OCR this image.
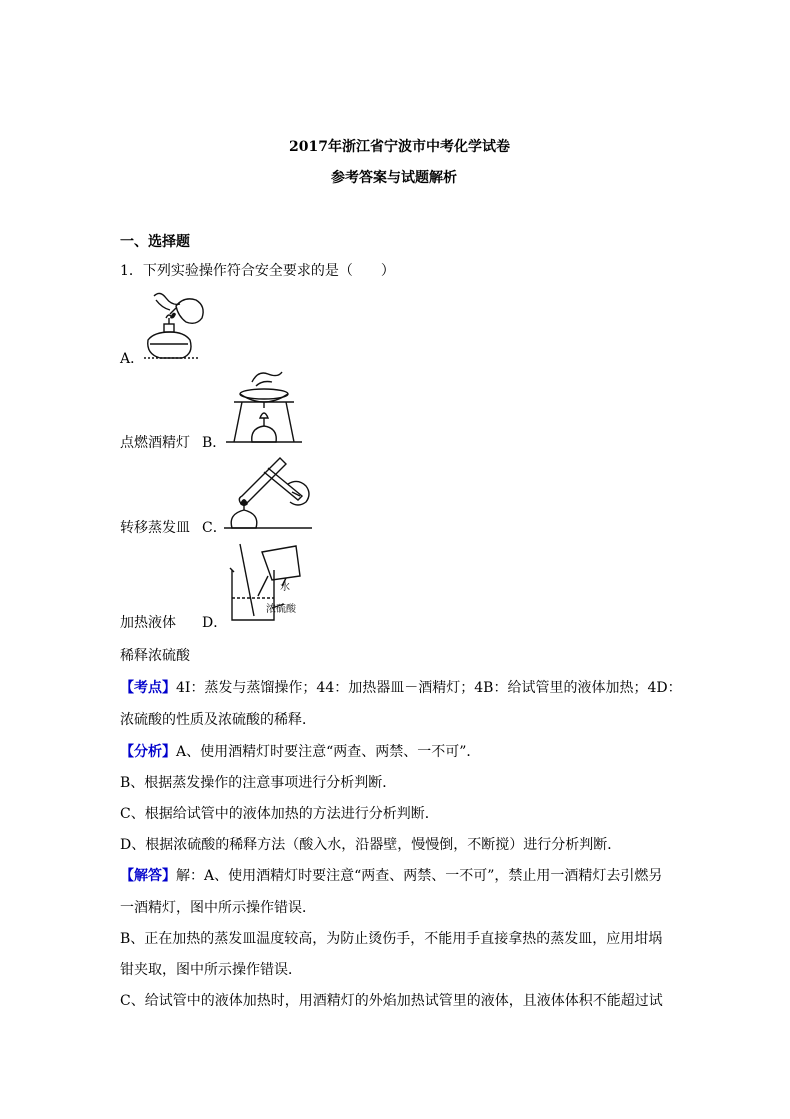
2017年浙江省宁波市中考化学试卷
参考答案与试题解析
一、选择题
1．下列实验操作符合安全要求的是（　　）
A．
点燃酒精灯 B．
转移蒸发皿 C．
加热液体 D．
水
浓硫酸
稀释浓硫酸
【考点】4I：蒸发与蒸馏操作；44：加热器皿－酒精灯；4B：给试管里的液体加热；4D：
浓硫酸的性质及浓硫酸的稀释．
【分析】A、使用酒精灯时要注意“两查、两禁、一不可”．
B、根据蒸发操作的注意事项进行分析判断．
C、根据给试管中的液体加热的方法进行分析判断．
D、根据浓硫酸的稀释方法（酸入水，沿器壁，慢慢倒，不断搅）进行分析判断．
【解答】解：A、使用酒精灯时要注意“两查、两禁、一不可”，禁止用一酒精灯去引燃另
一酒精灯，图中所示操作错误．
B、正在加热的蒸发皿温度较高，为防止烫伤手，不能用手直接拿热的蒸发皿，应用坩埚
钳夹取，图中所示操作错误．
C、给试管中的液体加热时，用酒精灯的外焰加热试管里的液体，且液体体积不能超过试
